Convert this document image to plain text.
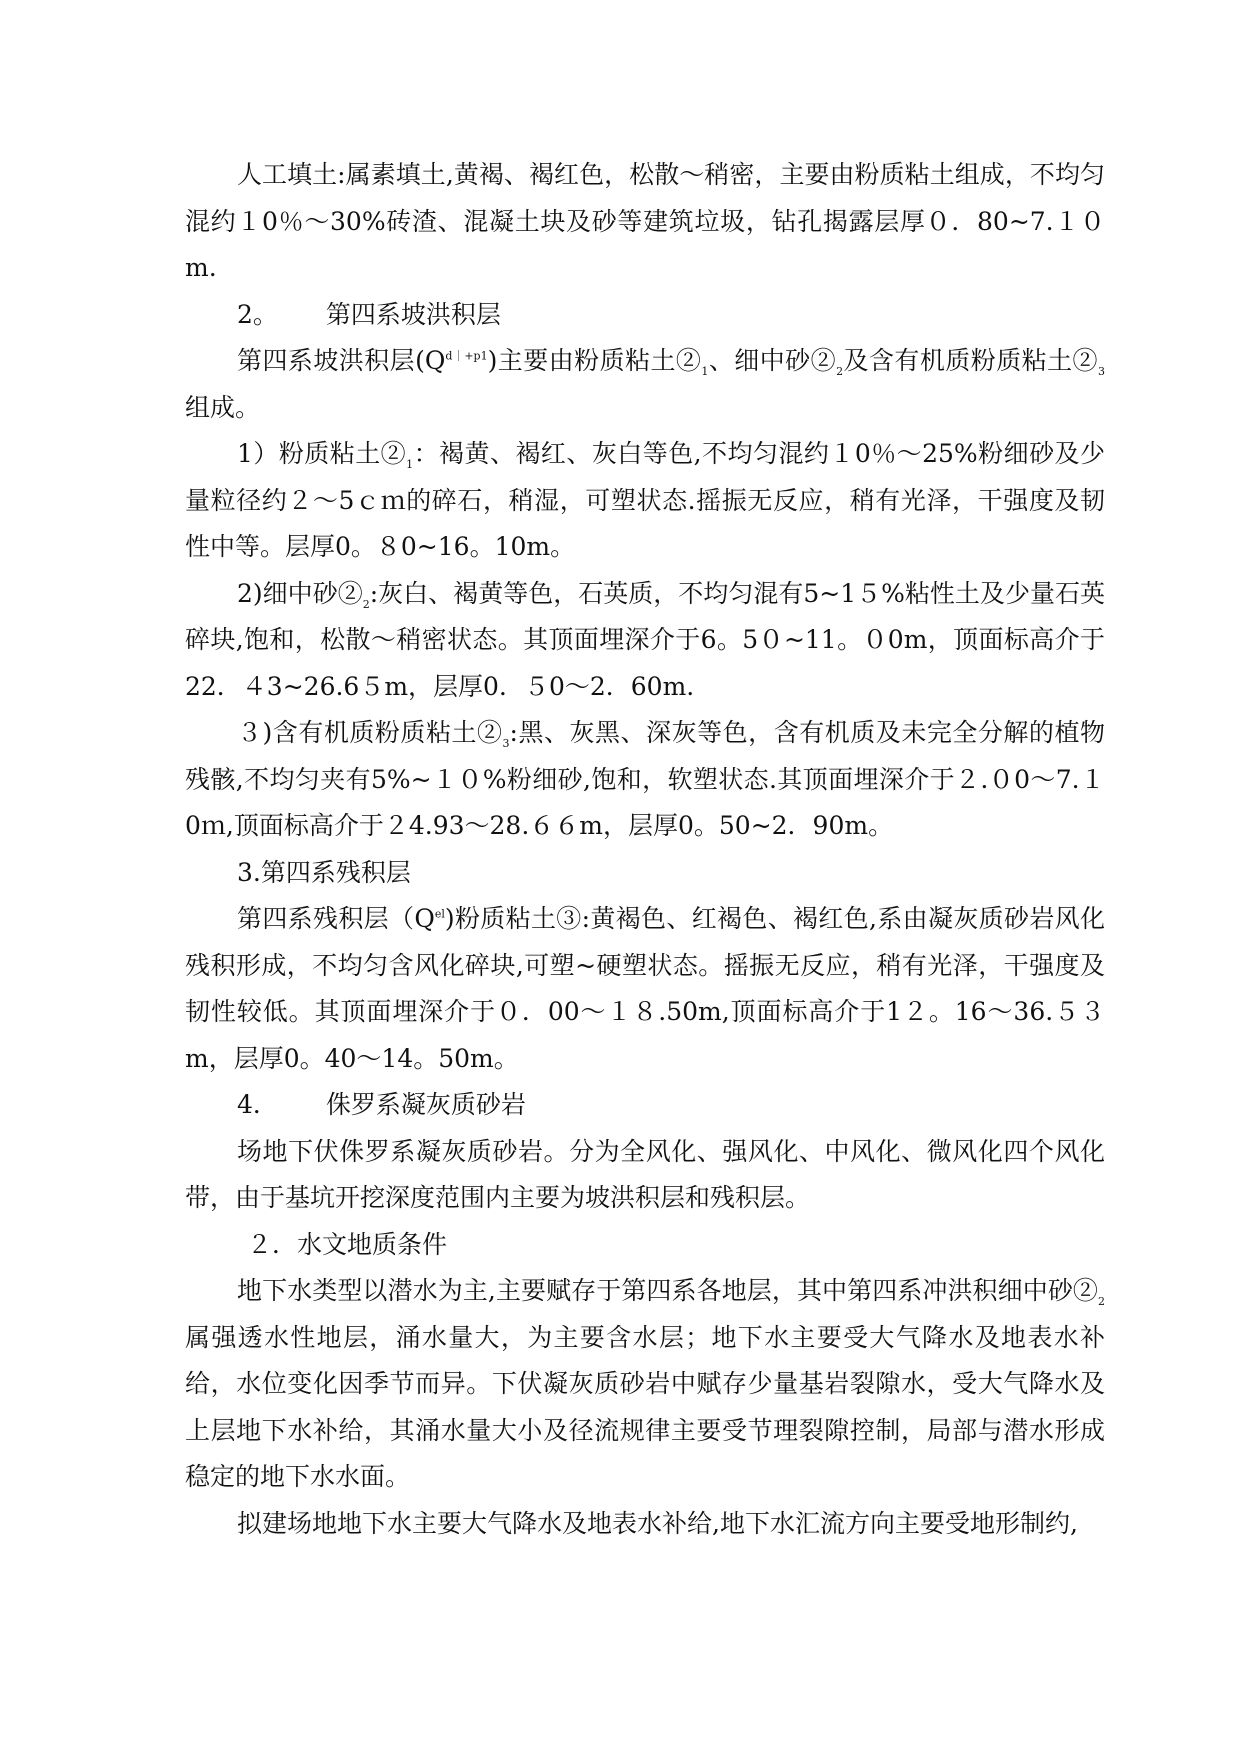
人工填土:属素填土,黄褐、褐红色，松散～稍密，主要由粉质粘土组成，不均匀混约１0％～30%砖渣、混凝土块及砂等建筑垃圾，钻孔揭露层厚０．80~7.１０m.

2。 第四系坡洪积层

第四系坡洪积层$(Q^{d|+p1})$主要由粉质粘土$②_1$、细中砂$②_2$及含有机质粉质粘土$②_3$组成。

1）粉质粘土$②_1$：褐黄、褐红、灰白等色,不均匀混约１0％～25%粉细砂及少量粒径约２～5ｃｍ的碎石，稍湿，可塑状态.摇振无反应，稍有光泽，干强度及韧性中等。层厚0。８0~16。10m。

2)细中砂$②_2$:灰白、褐黄等色，石英质，不均匀混有5~1５%粘性土及少量石英碎块,饱和，松散～稍密状态。其顶面埋深介于6。5０~11。０0m，顶面标高介于22．４3~26.6５m，层厚0．５0～2．60m.

３)含有机质粉质粘土$②_3$:黑、灰黑、深灰等色，含有机质及未完全分解的植物残骸,不均匀夹有5%~１０%粉细砂,饱和，软塑状态.其顶面埋深介于２.０0～7.１0ｍ,顶面标高介于２4.93～28.６６m，层厚0。50~2．90m。

3.第四系残积层

第四系残积层$(Q^{el})$粉质粘土③:黄褐色、红褐色、褐红色,系由凝灰质砂岩风化残积形成，不均匀含风化碎块,可塑~硬塑状态。摇振无反应，稍有光泽，干强度及韧性较低。其顶面埋深介于０．00～１８.50m,顶面标高介于1２。16～36.５３m，层厚0。40～14。50m。

4． 侏罗系凝灰质砂岩

场地下伏侏罗系凝灰质砂岩。分为全风化、强风化、中风化、微风化四个风化带，由于基坑开挖深度范围内主要为坡洪积层和残积层。

２．水文地质条件

地下水类型以潜水为主,主要赋存于第四系各地层，其中第四系冲洪积细中砂$②_2$属强透水性地层，涌水量大，为主要含水层；地下水主要受大气降水及地表水补给，水位变化因季节而异。下伏凝灰质砂岩中赋存少量基岩裂隙水，受大气降水及上层地下水补给，其涌水量大小及径流规律主要受节理裂隙控制，局部与潜水形成稳定的地下水水面。

拟建场地地下水主要大气降水及地表水补给,地下水汇流方向主要受地形制约,
